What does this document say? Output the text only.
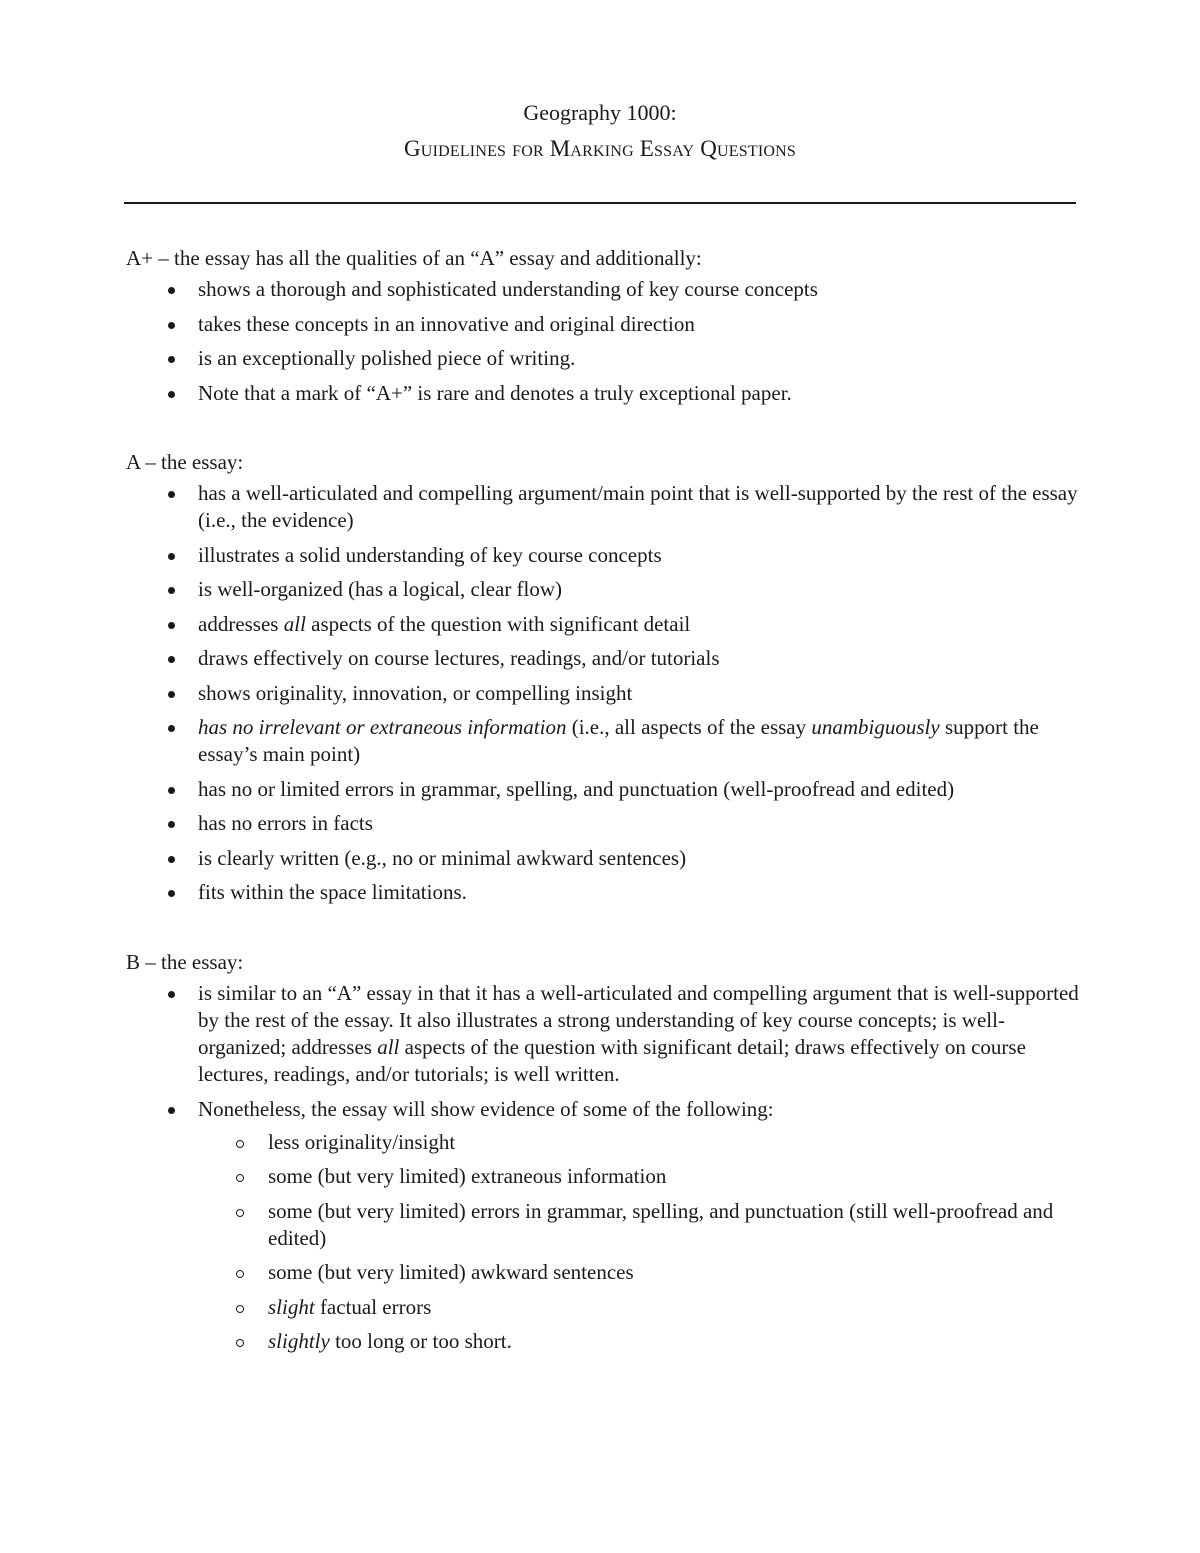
Geography 1000:
Guidelines for Marking Essay Questions

A+ – the essay has all the qualities of an “A” essay and additionally:

shows a thorough and sophisticated understanding of key course concepts
takes these concepts in an innovative and original direction
is an exceptionally polished piece of writing.
Note that a mark of “A+” is rare and denotes a truly exceptional paper.

A – the essay:

has a well-articulated and compelling argument/main point that is well-supported by the rest of the essay (i.e., the evidence)
illustrates a solid understanding of key course concepts
is well-organized (has a logical, clear flow)
addresses all aspects of the question with significant detail
draws effectively on course lectures, readings, and/or tutorials
shows originality, innovation, or compelling insight
has no irrelevant or extraneous information (i.e., all aspects of the essay unambiguously support the essay’s main point)
has no or limited errors in grammar, spelling, and punctuation (well-proofread and edited)
has no errors in facts
is clearly written (e.g., no or minimal awkward sentences)
fits within the space limitations.

B – the essay:

is similar to an “A” essay in that it has a well-articulated and compelling argument that is well-supported by the rest of the essay. It also illustrates a strong understanding of key course concepts; is well-organized; addresses all aspects of the question with significant detail; draws effectively on course lectures, readings, and/or tutorials; is well written.
Nonetheless, the essay will show evidence of some of the following:
less originality/insight
some (but very limited) extraneous information
some (but very limited) errors in grammar, spelling, and punctuation (still well-proofread and edited)
some (but very limited) awkward sentences
slight factual errors
slightly too long or too short.
